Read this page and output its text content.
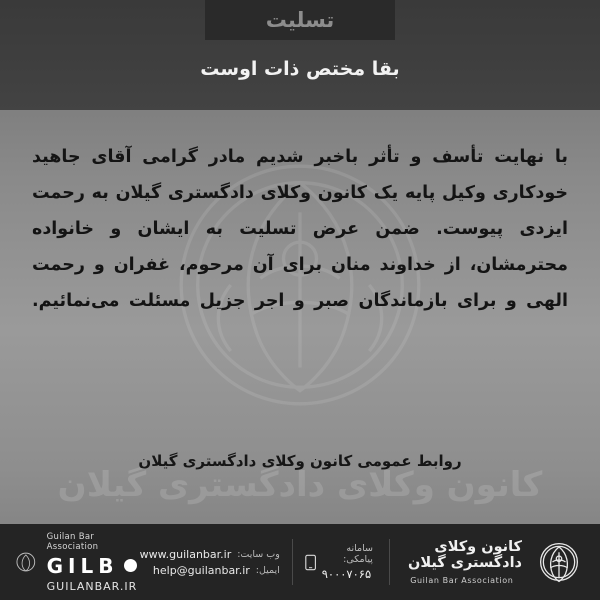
تسلیت
بقا مختص ذات اوست
کانون وکلای دادگستری گیلان
با نهایت تأسف و تأثر باخبر شدیم مادر گرامی آقای جاهید خودکاری وکیل پایه یک کانون وکلای دادگستری گیلان به رحمت ایزدی پیوست. ضمن عرض تسلیت به ایشان و خانواده محترمشان، از خداوند منان برای آن مرحوم، غفران و رحمت الهی و برای بازماندگان صبر و اجر جزیل مسئلت می‌نمائیم.
روابط عمومی کانون وکلای دادگستری گیلان
کانون وکلای دادگستری گیلان
Guilan Bar Association
سامانه پیامکی:
۹۰۰۰۷۰۶۵
وب سایت:
www.guilanbar.ir
ایمیل:
help@guilanbar.ir
Guilan Bar Association
GILB
GUILANBAR.IR
